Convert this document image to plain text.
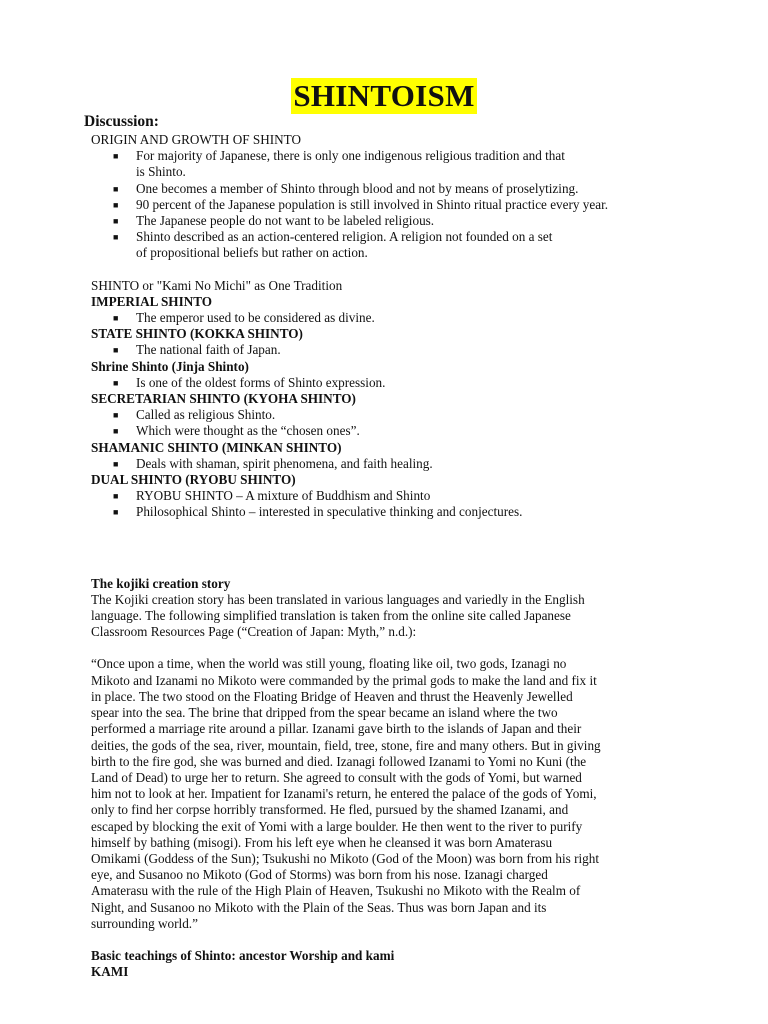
SHINTOISM
Discussion:
ORIGIN AND GROWTH OF SHINTO
■ For majority of Japanese, there is only one indigenous religious tradition and that
is Shinto.
■ One becomes a member of Shinto through blood and not by means of proselytizing.
■ 90 percent of the Japanese population is still involved in Shinto ritual practice every year.
■ The Japanese people do not want to be labeled religious.
■ Shinto described as an action-centered religion. A religion not founded on a set
of propositional beliefs but rather on action.
SHINTO or "Kami No Michi" as One Tradition
IMPERIAL SHINTO
■ The emperor used to be considered as divine.
STATE SHINTO (KOKKA SHINTO)
■ The national faith of Japan.
Shrine Shinto (Jinja Shinto)
■ Is one of the oldest forms of Shinto expression.
SECRETARIAN SHINTO (KYOHA SHINTO)
■ Called as religious Shinto.
■ Which were thought as the “chosen ones”.
SHAMANIC SHINTO (MINKAN SHINTO)
■ Deals with shaman, spirit phenomena, and faith healing.
DUAL SHINTO (RYOBU SHINTO)
■ RYOBU SHINTO – A mixture of Buddhism and Shinto
■ Philosophical Shinto – interested in speculative thinking and conjectures.
The kojiki creation story
The Kojiki creation story has been translated in various languages and variedly in the English
language. The following simplified translation is taken from the online site called Japanese
Classroom Resources Page (“Creation of Japan: Myth,” n.d.):
“Once upon a time, when the world was still young, floating like oil, two gods, Izanagi no
Mikoto and Izanami no Mikoto were commanded by the primal gods to make the land and fix it
in place. The two stood on the Floating Bridge of Heaven and thrust the Heavenly Jewelled
spear into the sea. The brine that dripped from the spear became an island where the two
performed a marriage rite around a pillar. Izanami gave birth to the islands of Japan and their
deities, the gods of the sea, river, mountain, field, tree, stone, fire and many others. But in giving
birth to the fire god, she was burned and died. Izanagi followed Izanami to Yomi no Kuni (the
Land of Dead) to urge her to return. She agreed to consult with the gods of Yomi, but warned
him not to look at her. Impatient for Izanami's return, he entered the palace of the gods of Yomi,
only to find her corpse horribly transformed. He fled, pursued by the shamed Izanami, and
escaped by blocking the exit of Yomi with a large boulder. He then went to the river to purify
himself by bathing (misogi). From his left eye when he cleansed it was born Amaterasu
Omikami (Goddess of the Sun); Tsukushi no Mikoto (God of the Moon) was born from his right
eye, and Susanoo no Mikoto (God of Storms) was born from his nose. Izanagi charged
Amaterasu with the rule of the High Plain of Heaven, Tsukushi no Mikoto with the Realm of
Night, and Susanoo no Mikoto with the Plain of the Seas. Thus was born Japan and its
surrounding world.”
Basic teachings of Shinto: ancestor Worship and kami
KAMI
